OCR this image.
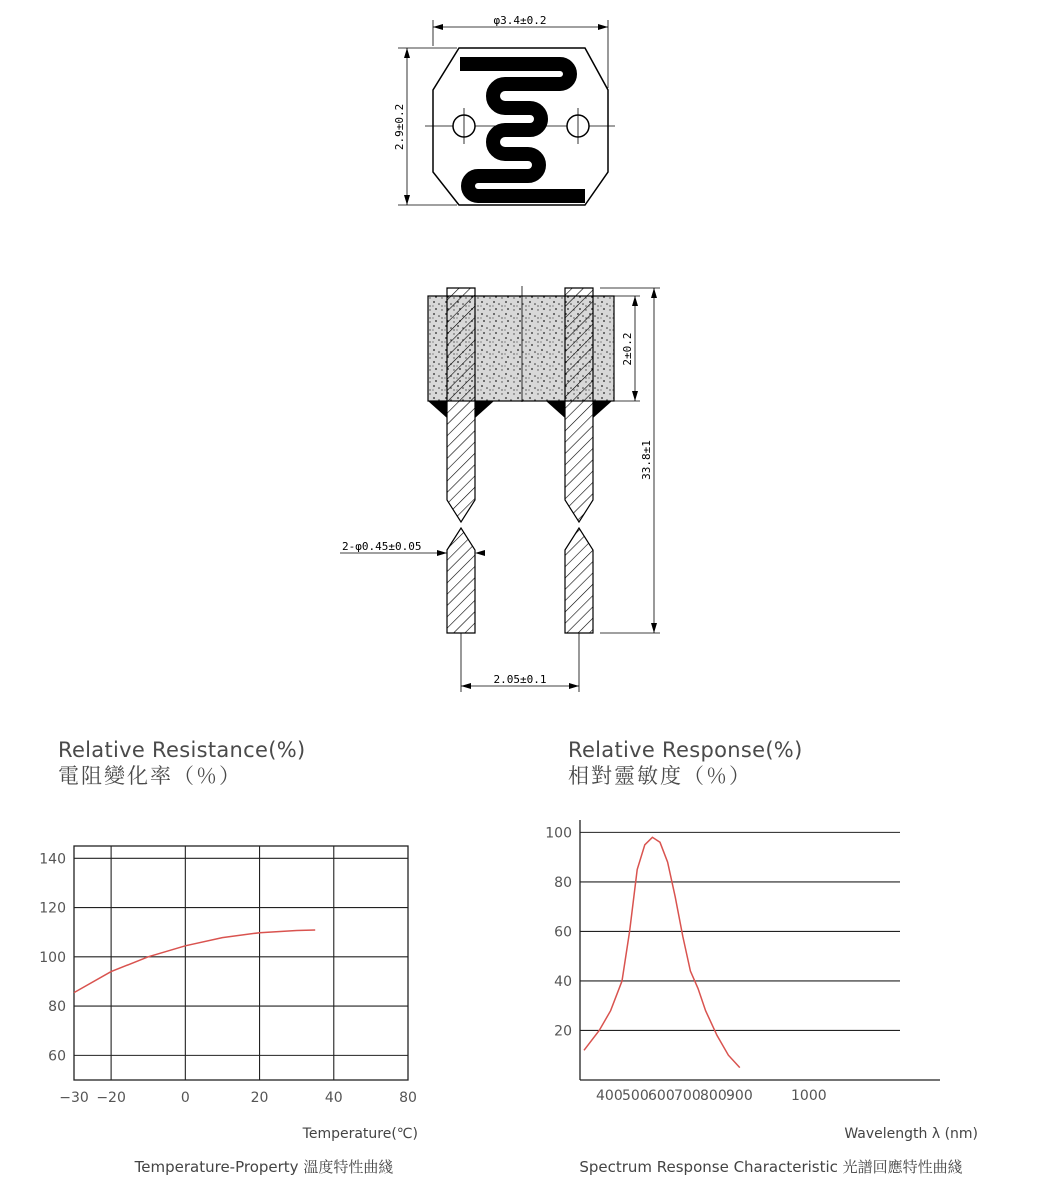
φ3.4±0.2
2.9±0.2
2±0.2
33.8±1
2-φ0.45±0.05
2.05±0.1
Relative Resistance(%)
電阻變化率（％）
Relative Response(%)
相對靈敏度（％）
140
120
100
80
60
−30 −20	0	20	40	80
Temperature(℃)
Temperature-Property 溫度特性曲綫
100
80
60
40
20
400 500 600 700 800 900	1000
Wavelength λ (nm)
Spectrum Response Characteristic 光譜回應特性曲綫
